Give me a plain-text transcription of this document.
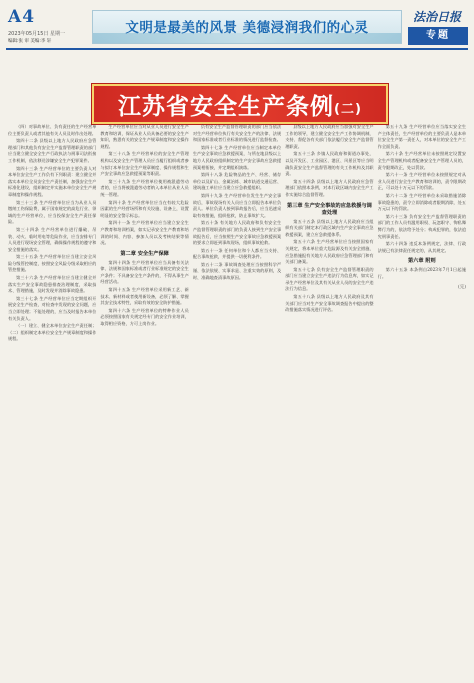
A4
2023年05月15日 星期一
编辑:张 审 美编:李 轩
文明是最美的风景 美德浸润我们的心灵
法治日报
专题
江苏省安全生产条例(二)

（四）对事故单位、负有责任的生产经营单位主要负责人或者其他有关人员及时作出处理。

第四十二条 县级以上地方人民政府应急管理部门和其他负有安全生产监督管理职责的部门应当建立健全安全生产行政执法与刑事司法衔接工作机制，依法移送涉嫌安全生产犯罪案件。

第四十三条 生产经营单位的主要负责人对本单位安全生产工作负有下列职责：建立健全并落实本单位全员安全生产责任制，加强安全生产标准化建设，组织制定并实施本单位安全生产规章制度和操作规程。

第三十三条 生产经营单位应当为从业人员缴纳工伤保险费，属于国家规定的高危行业、领域的生产经营单位，应当投保安全生产责任保险。

第三十四条 生产经营单位进行爆破、吊装、动火、临时用电等危险作业，应当安排专门人员进行现场安全管理，确保操作规程的遵守和安全措施的落实。

第三十五条 生产经营单位应当建立安全风险分级管控制度，按照安全风险分级采取相应的管控措施。

第三十六条 生产经营单位应当建立健全并落实生产安全事故隐患排查治理制度，采取技术、管理措施，及时发现并消除事故隐患。

第三十七条 生产经营单位应当定期组织开展安全生产检查，对检查中发现的安全问题，应当立即处理；不能处理的，应当及时报告本单位有关负责人。

（一）建立、健全本单位安全生产责任制；（二）组织制定本单位安全生产规章制度和操作规程。

生产经营单位应当对从业人员进行安全生产教育和培训，保证从业人员具备必要的安全生产知识，熟悉有关的安全生产规章制度和安全操作规程。

第三十八条 生产经营单位的安全生产管理机构以及安全生产管理人员应当履行组织或者参与拟订本单位安全生产规章制度、操作规程和生产安全事故应急救援预案等职责。

第三十九条 生产经营单位使用被派遣劳动者的，应当将被派遣劳动者纳入本单位从业人员统一管理。

第四十条 生产经营单位应当在有较大危险因素的生产经营场所和有关设施、设备上，设置明显的安全警示标志。

第四十一条 生产经营单位应当建立安全生产教育和培训档案，如实记录安全生产教育和培训的时间、内容、参加人员以及考核结果等情况。

第二章 安全生产保障

第四十四条 生产经营单位应当具备有关法律、法规和国家标准或者行业标准规定的安全生产条件；不具备安全生产条件的，不得从事生产经营活动。

第四十五条 生产经营单位采用新工艺、新技术、新材料或者使用新设备，必须了解、掌握其安全技术特性，采取有效的安全防护措施。

第四十六条 生产经营单位的特种作业人员必须按照国家有关规定经专门的安全作业培训，取得相应资格，方可上岗作业。

负有安全生产监督管理职责的部门应当依法对生产经营单位执行有关安全生产的法律、法规和国家标准或者行业标准的情况进行监督检查。

第四十七条 生产经营单位应当制定本单位生产安全事故应急救援预案，与所在地县级以上地方人民政府组织制定的生产安全事故应急救援预案相衔接，并定期组织演练。

第四十八条 危险物品的生产、经营、储存单位以及矿山、金属冶炼、城市轨道交通运营、建筑施工单位应当建立应急救援组织。

第四十九条 生产经营单位发生生产安全事故后，事故现场有关人员应当立即报告本单位负责人。单位负责人接到事故报告后，应当迅速采取有效措施，组织抢救，防止事故扩大。

第五十条 有关地方人民政府和负有安全生产监督管理职责的部门的负责人接到生产安全事故报告后，应当按照生产安全事故应急救援预案的要求立即赶到事故现场，组织事故抢救。

第五十一条 任何单位和个人都应当支持、配合事故抢救，并提供一切便利条件。

第五十二条 事故调查处理应当按照科学严谨、依法依规、实事求是、注重实效的原则，及时、准确地查清事故原因。

县级以上地方人民政府应当加强对安全生产工作的领导，建立健全安全生产工作协调机制，支持、督促各有关部门依法履行安全生产监督管理职责。

第五十三条 乡镇人民政府和街道办事处，以及开发区、工业园区、港区、风景区等应当明确负责安全生产监督管理的有关工作机构及其职责。

第五十四条 县级以上地方人民政府应急管理部门依照本条例，对本行政区域内安全生产工作实施综合监督管理。

第三章 生产安全事故的应急救援与调查处理

第五十五条 县级以上地方人民政府应当组织有关部门制定本行政区域内生产安全事故应急救援预案，建立应急救援体系。

第五十六条 生产经营单位应当按照国家有关规定，将本单位重大危险源及有关安全措施、应急措施报有关地方人民政府应急管理部门和有关部门备案。

第五十七条 负有安全生产监督管理职责的部门应当建立安全生产违法行为信息库，如实记录生产经营单位及其有关从业人员的安全生产违法行为信息。

第五十八条 县级以上地方人民政府及其有关部门应当对生产安全事故调查报告中提出的整改措施落实情况进行评估。

第五十九条 生产经营单位应当落实安全生产主体责任，生产经营单位的主要负责人是本单位安全生产第一责任人，对本单位的安全生产工作全面负责。

第六十条 生产经营单位未按照规定设置安全生产管理机构或者配备安全生产管理人员的，责令限期改正，处以罚款。

第六十一条 生产经营单位未按照规定对从业人员进行安全生产教育和培训的，责令限期改正，可以处十万元以下的罚款。

第六十二条 生产经营单位未采取措施消除事故隐患的，责令立即消除或者限期消除，处五万元以下的罚款。

第六十三条 负有安全生产监督管理职责的部门的工作人员有滥用职权、玩忽职守、徇私舞弊行为的，依法给予处分；构成犯罪的，依法追究刑事责任。

第六十四条 违反本条例规定，法律、行政法规已有法律责任规定的，从其规定。

第六章 附则

第六十五条 本条例自2023年7月1日起施行。

(完)
